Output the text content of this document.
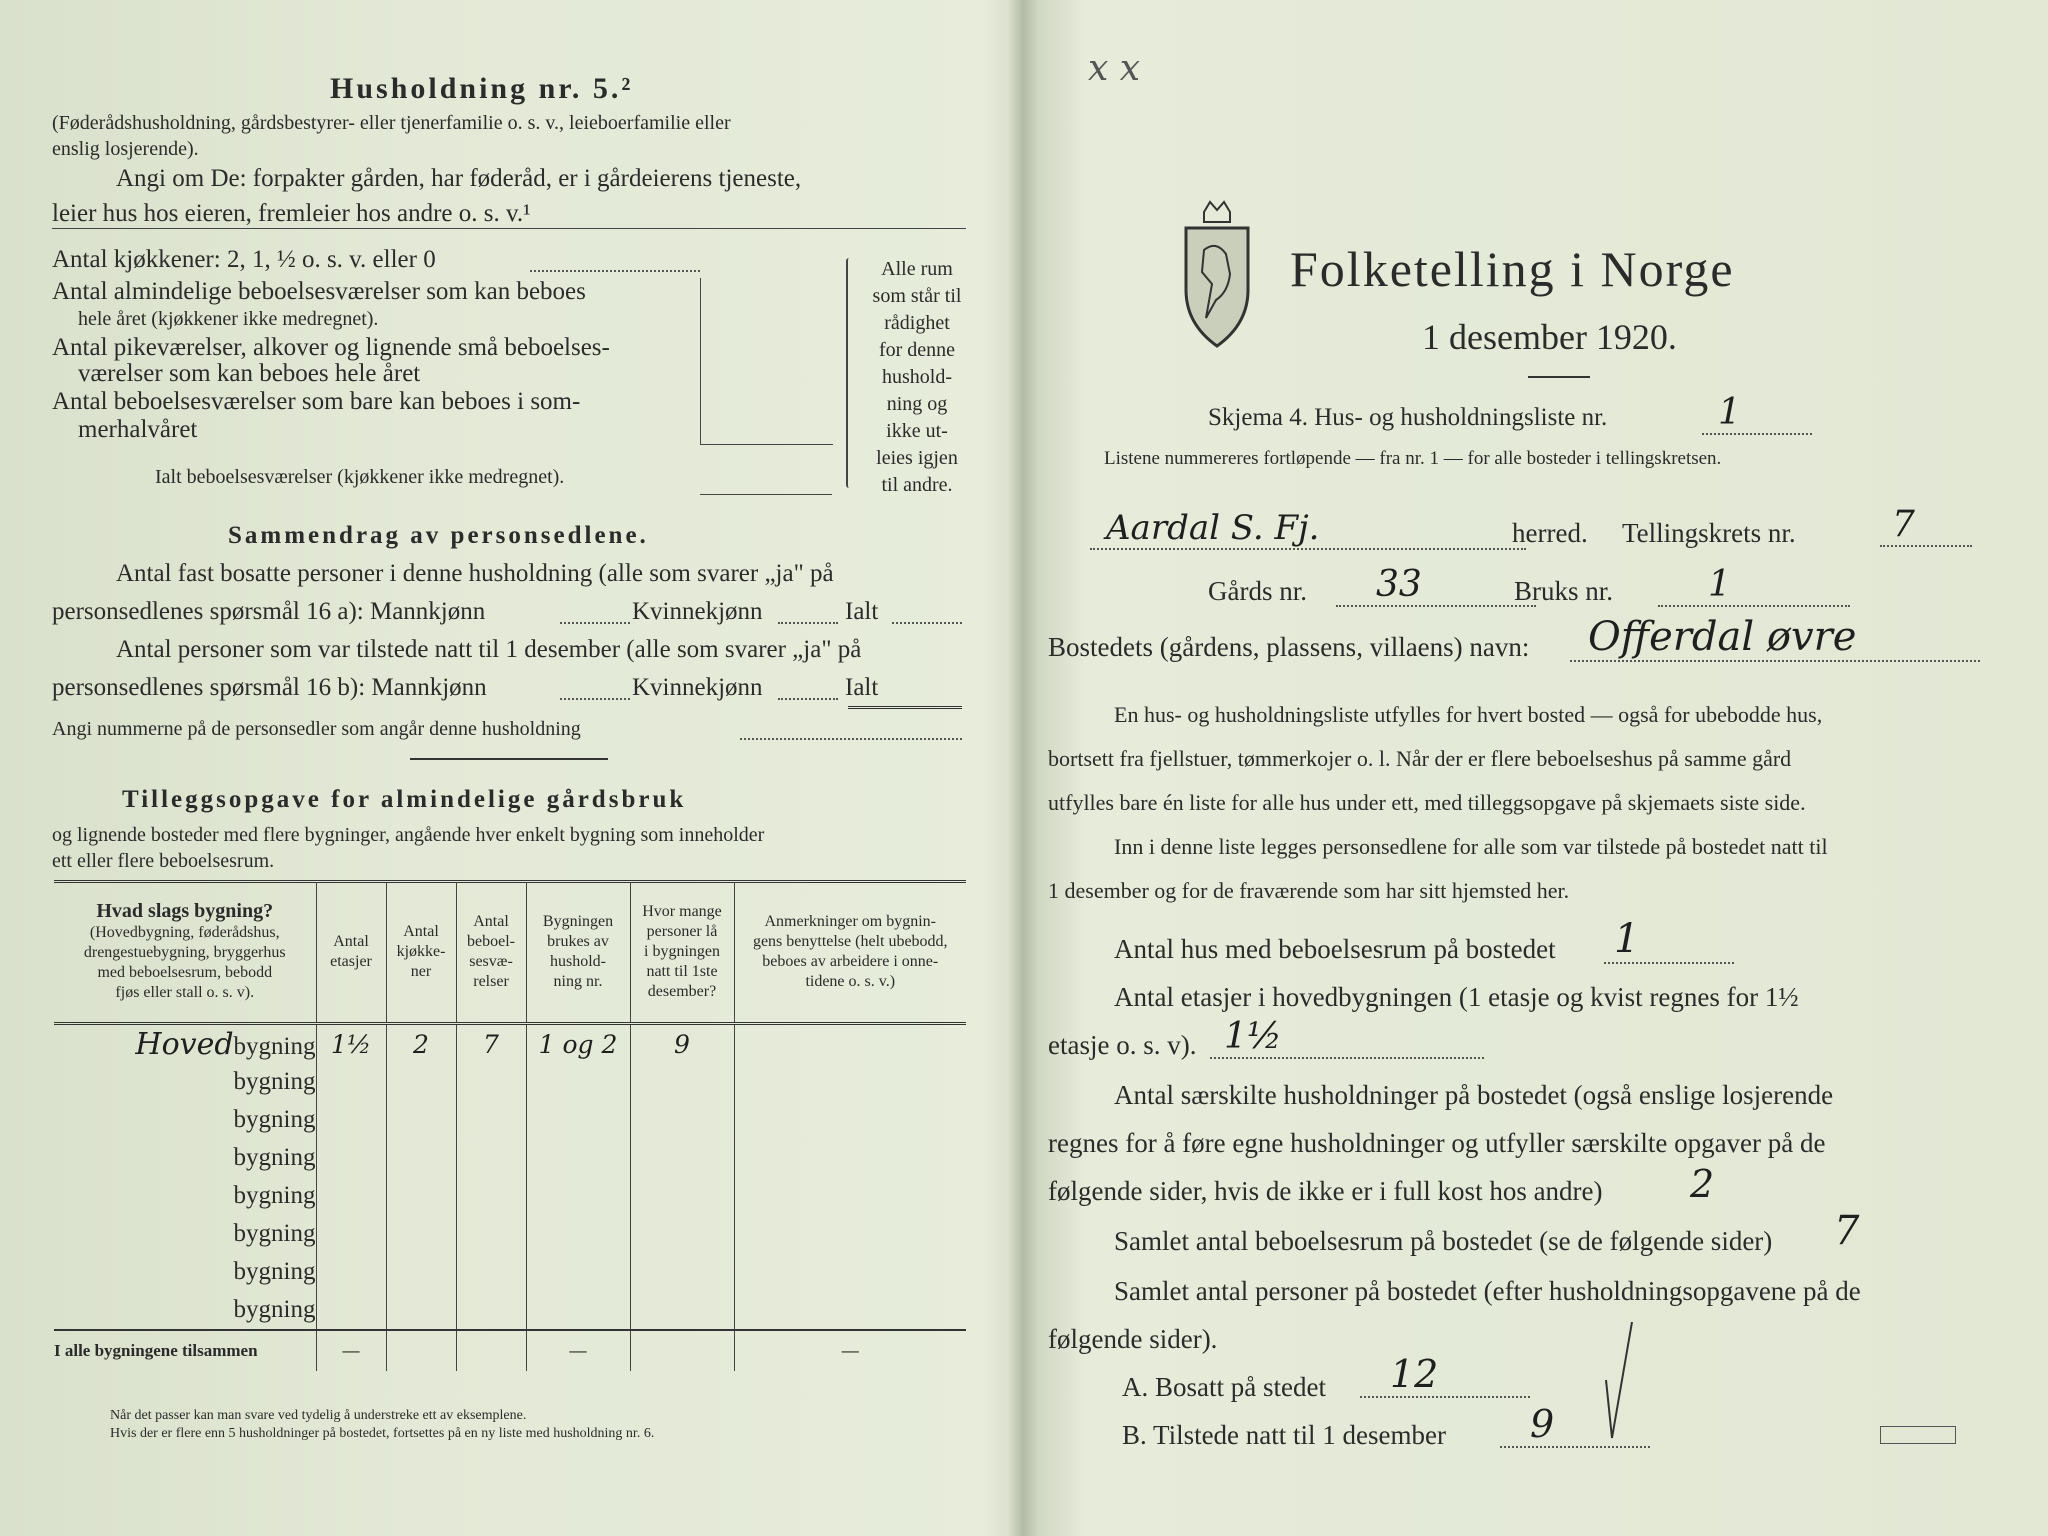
Husholdning nr. 5.²
(Føderådshusholdning, gårdsbestyrer- eller tjenerfamilie o. s. v., leieboerfamilie eller
enslig losjerende).
Angi om De: forpakter gården, har føderåd, er i gårdeierens tjeneste,
leier hus hos eieren, fremleier hos andre o. s. v.¹
Antal kjøkkener: 2, 1, ½ o. s. v. eller 0
Antal almindelige beboelsesværelser som kan beboes
hele året (kjøkkener ikke medregnet).
Antal pikeværelser, alkover og lignende små beboelses-
værelser som kan beboes hele året
Antal beboelsesværelser som bare kan beboes i som-
merhalvåret
Ialt beboelsesværelser (kjøkkener ikke medregnet).
Alle rum
som står til
rådighet
for denne
hushold-
ning og
ikke ut-
leies igjen
til andre.
Sammendrag av personsedlene.
Antal fast bosatte personer i denne husholdning (alle som svarer „ja" på
personsedlenes spørsmål 16 a): Mannkjønn	Kvinnekjønn	Ialt
Antal personer som var tilstede natt til 1 desember (alle som svarer „ja" på
personsedlenes spørsmål 16 b): Mannkjønn	Kvinnekjønn	Ialt
Angi nummerne på de personsedler som angår denne husholdning
Tilleggsopgave for almindelige gårdsbruk
og lignende bosteder med flere bygninger, angående hver enkelt bygning som inneholder
ett eller flere beboelsesrum.
Hvad slags bygning?
(Hovedbygning, føderådshus,
drengestuebygning, bryggerhus
med beboelsesrum, bebodd
fjøs eller stall o. s. v).	Antal
etasjer	Antal
kjøkke-
ner	Antal
beboel-
sesvæ-
relser	Bygningen
brukes av
hushold-
ning nr.	Hvor mange
personer lå
i bygningen
natt til 1ste
desember?	Anmerkninger om bygnin-
gens benyttelse (helt ubebodd,
beboes av arbeidere i onne-
tidene o. s. v.)
Hovedbygning	1½	2	7	1 og 2	9	
bygning						
bygning						
bygning						
bygning						
bygning						
bygning						
bygning						
I alle bygningene tilsammen	—			—		—
Når det passer kan man svare ved tydelig å understreke ett av eksemplene.
Hvis der er flere enn 5 husholdninger på bostedet, fortsettes på en ny liste med husholdning nr. 6.
x x
Folketelling i Norge
1 desember 1920.
Skjema 4. Hus- og husholdningsliste nr.	1
Listene nummereres fortløpende — fra nr. 1 — for alle bosteder i tellingskretsen.
Aardal S. Fj.	herred. Tellingskrets nr.	7
Gårds nr.	33	Bruks nr.	1
Bostedets (gårdens, plassens, villaens) navn:	Offerdal øvre
En hus- og husholdningsliste utfylles for hvert bosted — også for ubebodde hus,
bortsett fra fjellstuer, tømmerkojer o. l. Når der er flere beboelseshus på samme gård
utfylles bare én liste for alle hus under ett, med tilleggsopgave på skjemaets siste side.
Inn i denne liste legges personsedlene for alle som var tilstede på bostedet natt til
1 desember og for de fraværende som har sitt hjemsted her.
Antal hus med beboelsesrum på bostedet 1
Antal etasjer i hovedbygningen (1 etasje og kvist regnes for 1½
etasje o. s. v). 1½
Antal særskilte husholdninger på bostedet (også enslige losjerende
regnes for å føre egne husholdninger og utfyller særskilte opgaver på de
følgende sider, hvis de ikke er i full kost hos andre) 2
Samlet antal beboelsesrum på bostedet (se de følgende sider) 7
Samlet antal personer på bostedet (efter husholdningsopgavene på de
følgende sider).
A. Bosatt på stedet	12
B. Tilstede natt til 1 desember	9
